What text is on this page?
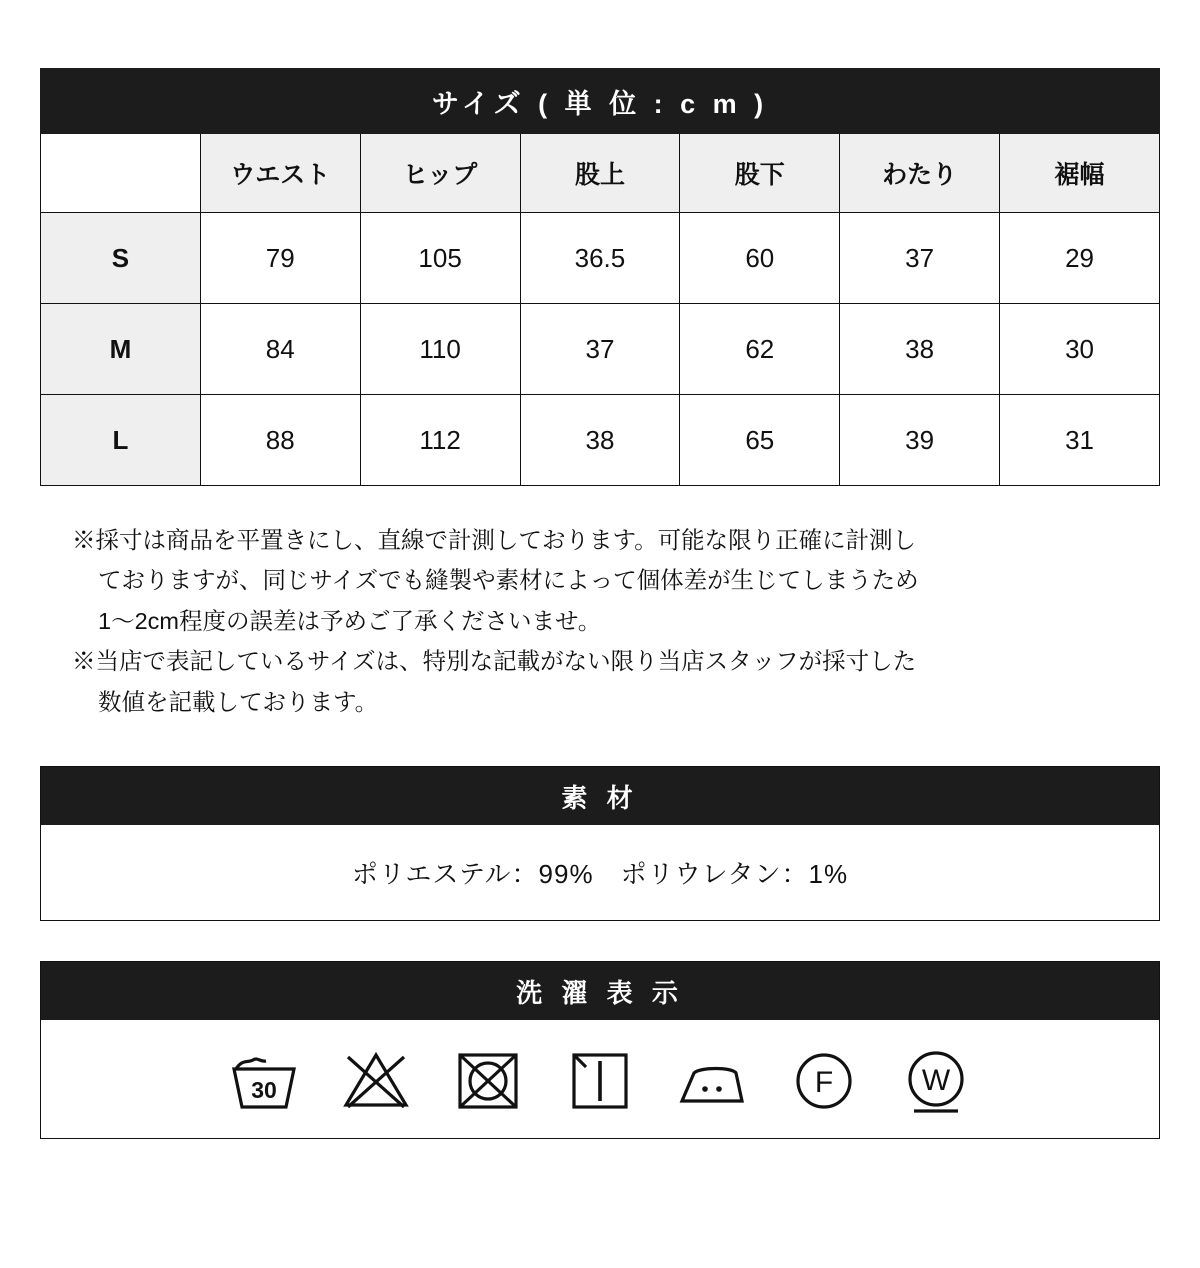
サイズ ( 単 位 : c m )						
	ウエスト	ヒップ	股上	股下	わたり	裾幅
S	79	105	36.5	60	37	29
M	84	110	37	62	38	30
L	88	112	38	65	39	31
※採寸は商品を平置きにし、直線で計測しております。可能な限り正確に計測し
ておりますが、同じサイズでも縫製や素材によって個体差が生じてしまうため
1〜2cm程度の誤差は予めご了承くださいませ。
※当店で表記しているサイズは、特別な記載がない限り当店スタッフが採寸した
数値を記載しております。
素 材
ポリエステル：99%　ポリウレタン：1%
洗 濯 表 示
30	F	W
